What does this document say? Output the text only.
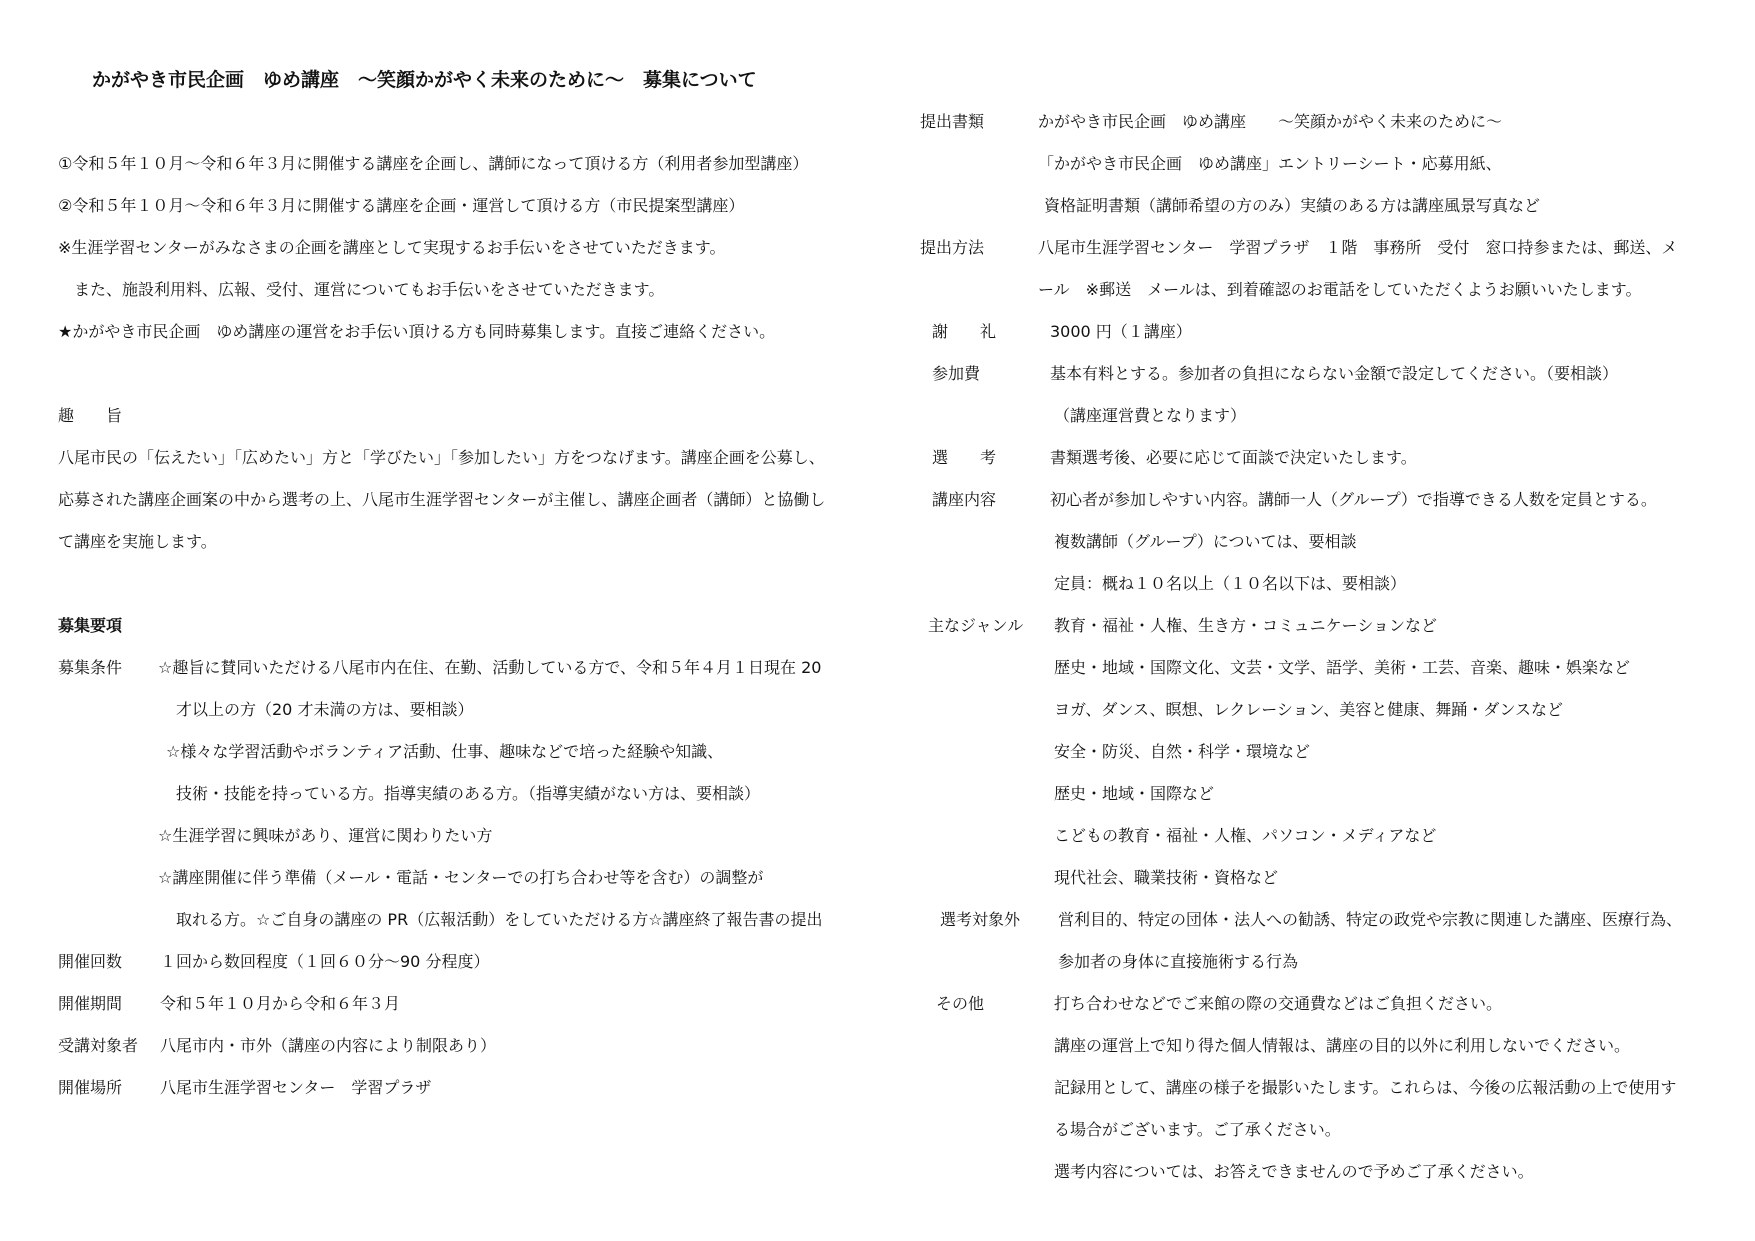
かがやき市民企画　ゆめ講座　～笑顔かがやく未来のために～　募集について
①令和５年１０月～令和６年３月に開催する講座を企画し、講師になって頂ける方（利用者参加型講座）
②令和５年１０月～令和６年３月に開催する講座を企画・運営して頂ける方（市民提案型講座）
※生涯学習センターがみなさまの企画を講座として実現するお手伝いをさせていただきます。
　また、施設利用料、広報、受付、運営についてもお手伝いをさせていただきます。
★かがやき市民企画　ゆめ講座の運営をお手伝い頂ける方も同時募集します。直接ご連絡ください。
趣　　旨
八尾市民の「伝えたい」「広めたい」方と「学びたい」「参加したい」方をつなげます。講座企画を公募し、
応募された講座企画案の中から選考の上、八尾市生涯学習センターが主催し、講座企画者（講師）と協働し
て講座を実施します。
募集要項
募集条件 ☆趣旨に賛同いただける八尾市内在住、在勤、活動している方で、令和５年４月１日現在 20
　才以上の方（20 才未満の方は、要相談）
☆様々な学習活動やボランティア活動、仕事、趣味などで培った経験や知識、
　技術・技能を持っている方。指導実績のある方。（指導実績がない方は、要相談）
☆生涯学習に興味があり、運営に関わりたい方
☆講座開催に伴う準備（メール・電話・センターでの打ち合わせ等を含む）の調整が
　取れる方。☆ご自身の講座の PR（広報活動）をしていただける方☆講座終了報告書の提出
開催回数 １回から数回程度（１回６０分～90 分程度）
開催期間 令和５年１０月から令和６年３月
受講対象者 八尾市内・市外（講座の内容により制限あり）
開催場所 八尾市生涯学習センター　学習プラザ
提出書類	かがやき市民企画　ゆめ講座　　～笑顔かがやく未来のために～
「かがやき市民企画　ゆめ講座」エントリーシート・応募用紙、
資格証明書類（講師希望の方のみ）実績のある方は講座風景写真など
提出方法	八尾市生涯学習センター　学習プラザ　１階　事務所　受付　窓口持参または、郵送、メ
ール　※郵送　メールは、到着確認のお電話をしていただくようお願いいたします。
謝　　礼	3000 円（１講座）
参加費	基本有料とする。参加者の負担にならない金額で設定してください。（要相談）
（講座運営費となります）
選　　考	書類選考後、必要に応じて面談で決定いたします。
講座内容	初心者が参加しやすい内容。講師一人（グループ）で指導できる人数を定員とする。
複数講師（グループ）については、要相談
定員：概ね１０名以上（１０名以下は、要相談）
主なジャンル 教育・福祉・人権、生き方・コミュニケーションなど
歴史・地域・国際文化、文芸・文学、語学、美術・工芸、音楽、趣味・娯楽など
ヨガ、ダンス、瞑想、レクレーション、美容と健康、舞踊・ダンスなど
安全・防災、自然・科学・環境など
歴史・地域・国際など
こどもの教育・福祉・人権、パソコン・メディアなど
現代社会、職業技術・資格など
選考対象外 営利目的、特定の団体・法人への勧誘、特定の政党や宗教に関連した講座、医療行為、
参加者の身体に直接施術する行為
その他	打ち合わせなどでご来館の際の交通費などはご負担ください。
講座の運営上で知り得た個人情報は、講座の目的以外に利用しないでください。
記録用として、講座の様子を撮影いたします。これらは、今後の広報活動の上で使用す
る場合がございます。ご了承ください。
選考内容については、お答えできませんので予めご了承ください。
